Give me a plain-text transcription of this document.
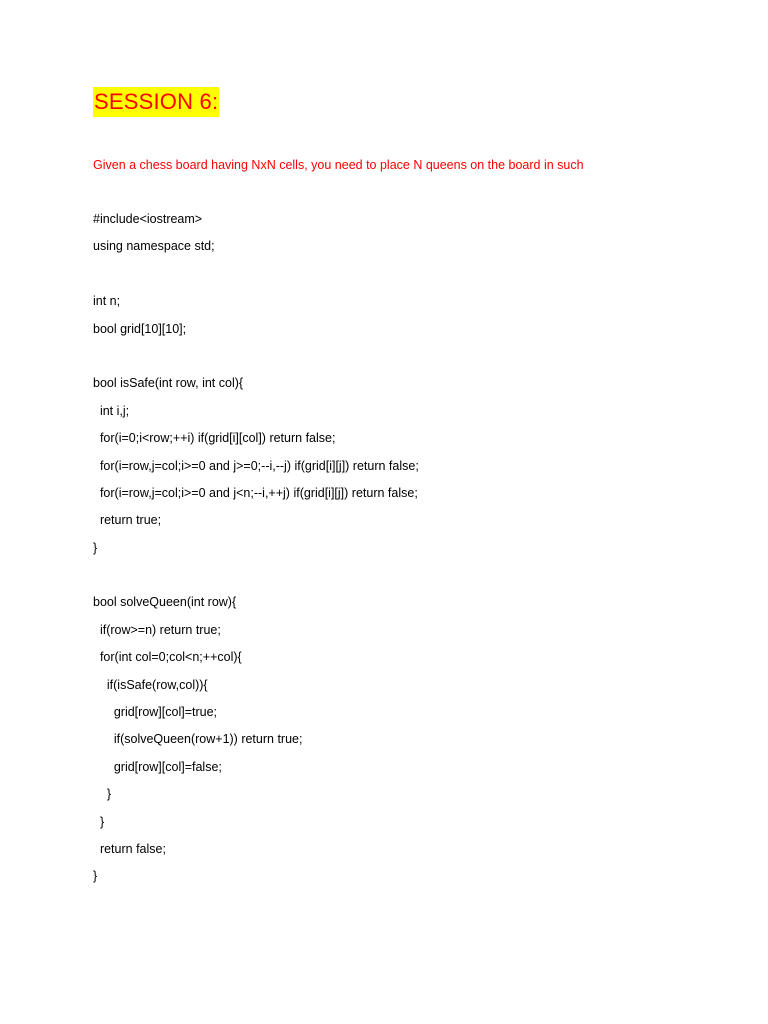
SESSION 6:
Given a chess board having NxN cells, you need to place N queens on the board in such
#include<iostream>
using namespace std;
int n;
bool grid[10][10];
bool isSafe(int row, int col){
int i,j;
for(i=0;i<row;++i) if(grid[i][col]) return false;
for(i=row,j=col;i>=0 and j>=0;--i,--j) if(grid[i][j]) return false;
for(i=row,j=col;i>=0 and j<n;--i,++j) if(grid[i][j]) return false;
return true;
}
bool solveQueen(int row){
if(row>=n) return true;
for(int col=0;col<n;++col){
if(isSafe(row,col)){
grid[row][col]=true;
if(solveQueen(row+1)) return true;
grid[row][col]=false;
}
}
return false;
}
